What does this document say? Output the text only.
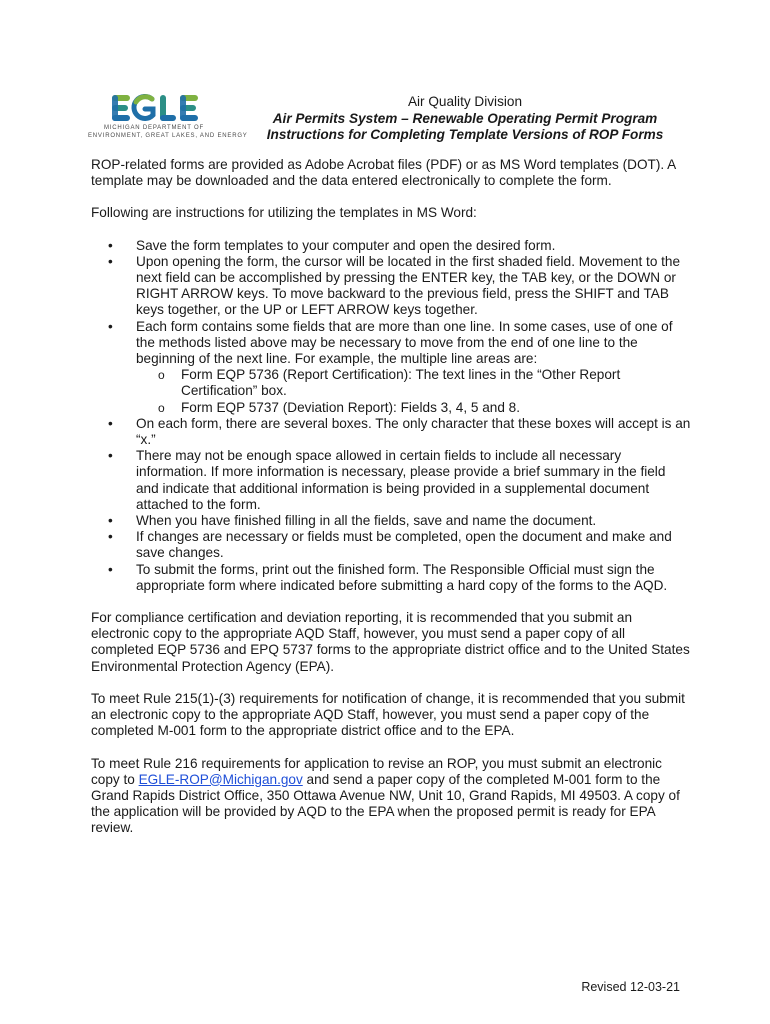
MICHIGAN DEPARTMENT OF
ENVIRONMENT, GREAT LAKES, AND ENERGY
Air Quality Division
Air Permits System – Renewable Operating Permit Program
Instructions for Completing Template Versions of ROP Forms

ROP-related forms are provided as Adobe Acrobat files (PDF) or as MS Word templates (DOT). A template may be downloaded and the data entered electronically to complete the form.

Following are instructions for utilizing the templates in MS Word:

• Save the form templates to your computer and open the desired form.
• Upon opening the form, the cursor will be located in the first shaded field. Movement to the next field can be accomplished by pressing the ENTER key, the TAB key, or the DOWN or RIGHT ARROW keys. To move backward to the previous field, press the SHIFT and TAB keys together, or the UP or LEFT ARROW keys together.
• Each form contains some fields that are more than one line. In some cases, use of one of the methods listed above may be necessary to move from the end of one line to the beginning of the next line. For example, the multiple line areas are:
o Form EQP 5736 (Report Certification): The text lines in the “Other Report Certification” box.
o Form EQP 5737 (Deviation Report): Fields 3, 4, 5 and 8.
• On each form, there are several boxes. The only character that these boxes will accept is an “x.”
• There may not be enough space allowed in certain fields to include all necessary information. If more information is necessary, please provide a brief summary in the field and indicate that additional information is being provided in a supplemental document attached to the form.
• When you have finished filling in all the fields, save and name the document.
• If changes are necessary or fields must be completed, open the document and make and save changes.
• To submit the forms, print out the finished form. The Responsible Official must sign the appropriate form where indicated before submitting a hard copy of the forms to the AQD.

For compliance certification and deviation reporting, it is recommended that you submit an electronic copy to the appropriate AQD Staff, however, you must send a paper copy of all completed EQP 5736 and EPQ 5737 forms to the appropriate district office and to the United States Environmental Protection Agency (EPA).

To meet Rule 215(1)-(3) requirements for notification of change, it is recommended that you submit an electronic copy to the appropriate AQD Staff, however, you must send a paper copy of the completed M-001 form to the appropriate district office and to the EPA.

To meet Rule 216 requirements for application to revise an ROP, you must submit an electronic copy to EGLE-ROP@Michigan.gov and send a paper copy of the completed M-001 form to the Grand Rapids District Office, 350 Ottawa Avenue NW, Unit 10, Grand Rapids, MI 49503. A copy of the application will be provided by AQD to the EPA when the proposed permit is ready for EPA review.

Revised 12-03-21
